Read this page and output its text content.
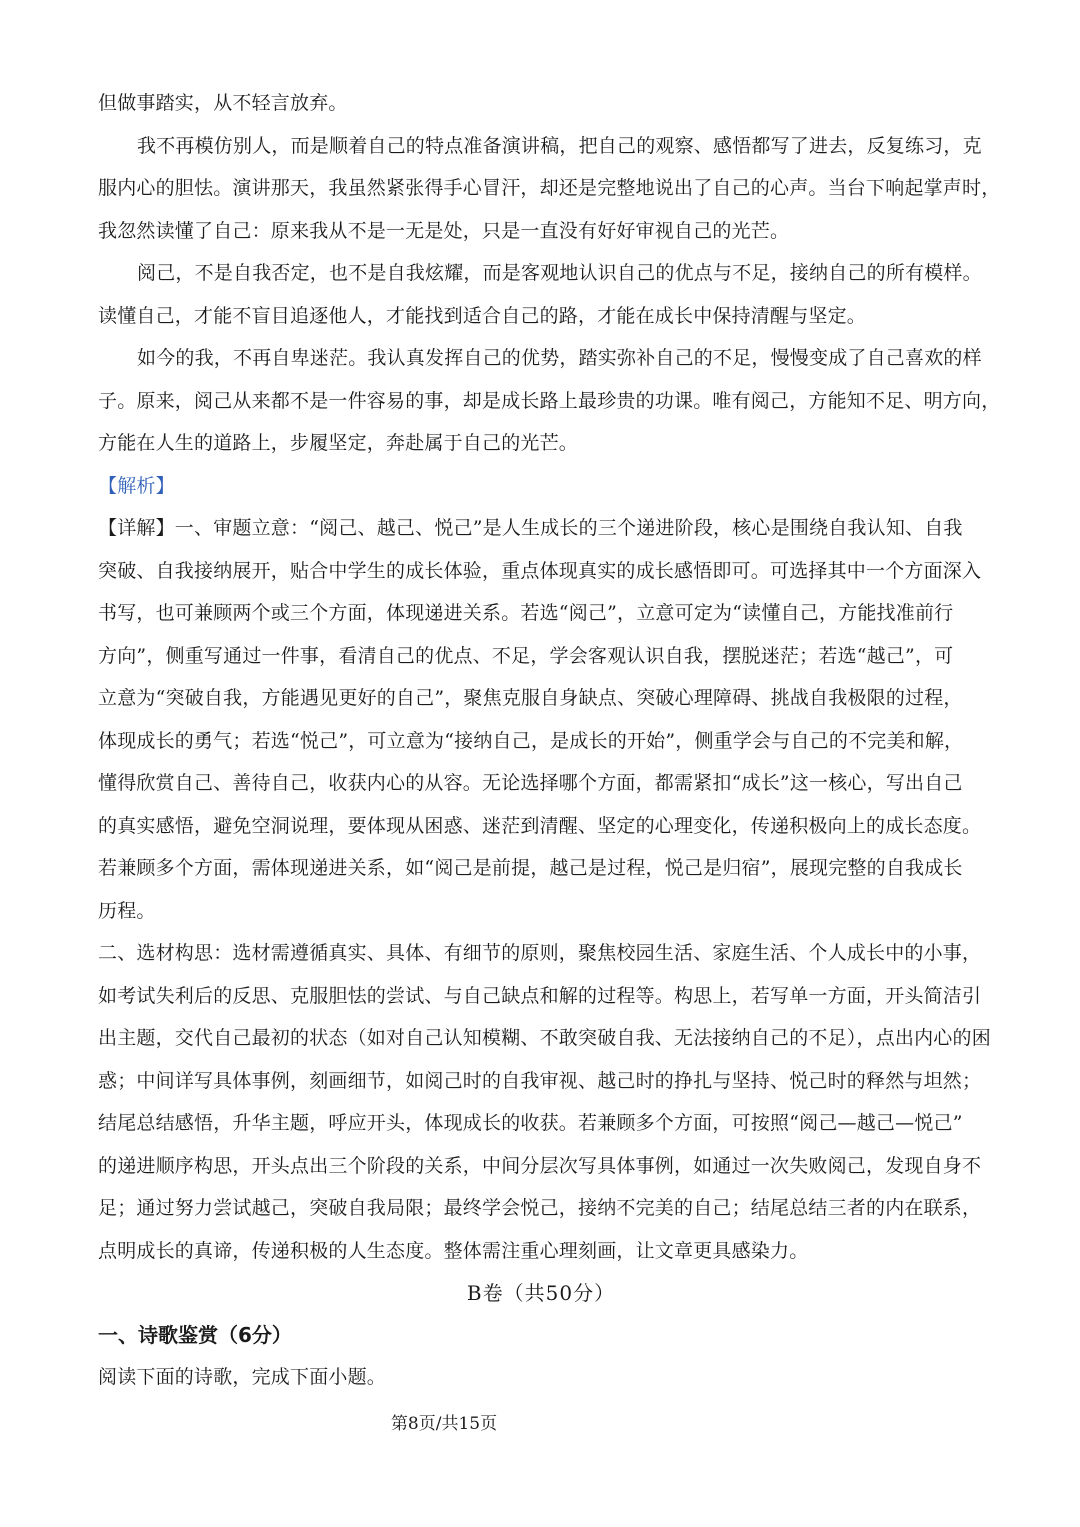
但做事踏实，从不轻言放弃。
我不再模仿别人，而是顺着自己的特点准备演讲稿，把自己的观察、感悟都写了进去，反复练习，克
服内心的胆怯。演讲那天，我虽然紧张得手心冒汗，却还是完整地说出了自己的心声。当台下响起掌声时，
我忽然读懂了自己：原来我从不是一无是处，只是一直没有好好审视自己的光芒。
阅己，不是自我否定，也不是自我炫耀，而是客观地认识自己的优点与不足，接纳自己的所有模样。
读懂自己，才能不盲目追逐他人，才能找到适合自己的路，才能在成长中保持清醒与坚定。
如今的我，不再自卑迷茫。我认真发挥自己的优势，踏实弥补自己的不足，慢慢变成了自己喜欢的样
子。原来，阅己从来都不是一件容易的事，却是成长路上最珍贵的功课。唯有阅己，方能知不足、明方向，
方能在人生的道路上，步履坚定，奔赴属于自己的光芒。
【解析】
【详解】一、审题立意：“阅己、越己、悦己”是人生成长的三个递进阶段，核心是围绕自我认知、自我
突破、自我接纳展开，贴合中学生的成长体验，重点体现真实的成长感悟即可。可选择其中一个方面深入
书写，也可兼顾两个或三个方面，体现递进关系。若选“阅己”，立意可定为“读懂自己，方能找准前行
方向”，侧重写通过一件事，看清自己的优点、不足，学会客观认识自我，摆脱迷茫；若选“越己”，可
立意为“突破自我，方能遇见更好的自己”，聚焦克服自身缺点、突破心理障碍、挑战自我极限的过程，
体现成长的勇气；若选“悦己”，可立意为“接纳自己，是成长的开始”，侧重学会与自己的不完美和解，
懂得欣赏自己、善待自己，收获内心的从容。无论选择哪个方面，都需紧扣“成长”这一核心，写出自己
的真实感悟，避免空洞说理，要体现从困惑、迷茫到清醒、坚定的心理变化，传递积极向上的成长态度。
若兼顾多个方面，需体现递进关系，如“阅己是前提，越己是过程，悦己是归宿”，展现完整的自我成长
历程。
二、选材构思：选材需遵循真实、具体、有细节的原则，聚焦校园生活、家庭生活、个人成长中的小事，
如考试失利后的反思、克服胆怯的尝试、与自己缺点和解的过程等。构思上，若写单一方面，开头简洁引
出主题，交代自己最初的状态（如对自己认知模糊、不敢突破自我、无法接纳自己的不足），点出内心的困
惑；中间详写具体事例，刻画细节，如阅己时的自我审视、越己时的挣扎与坚持、悦己时的释然与坦然；
结尾总结感悟，升华主题，呼应开头，体现成长的收获。若兼顾多个方面，可按照“阅己—越己—悦己”
的递进顺序构思，开头点出三个阶段的关系，中间分层次写具体事例，如通过一次失败阅己，发现自身不
足；通过努力尝试越己，突破自我局限；最终学会悦己，接纳不完美的自己；结尾总结三者的内在联系，
点明成长的真谛，传递积极的人生态度。整体需注重心理刻画，让文章更具感染力。
B卷（共50分）
一、诗歌鉴赏（6分）
阅读下面的诗歌，完成下面小题。
第8页/共15页
